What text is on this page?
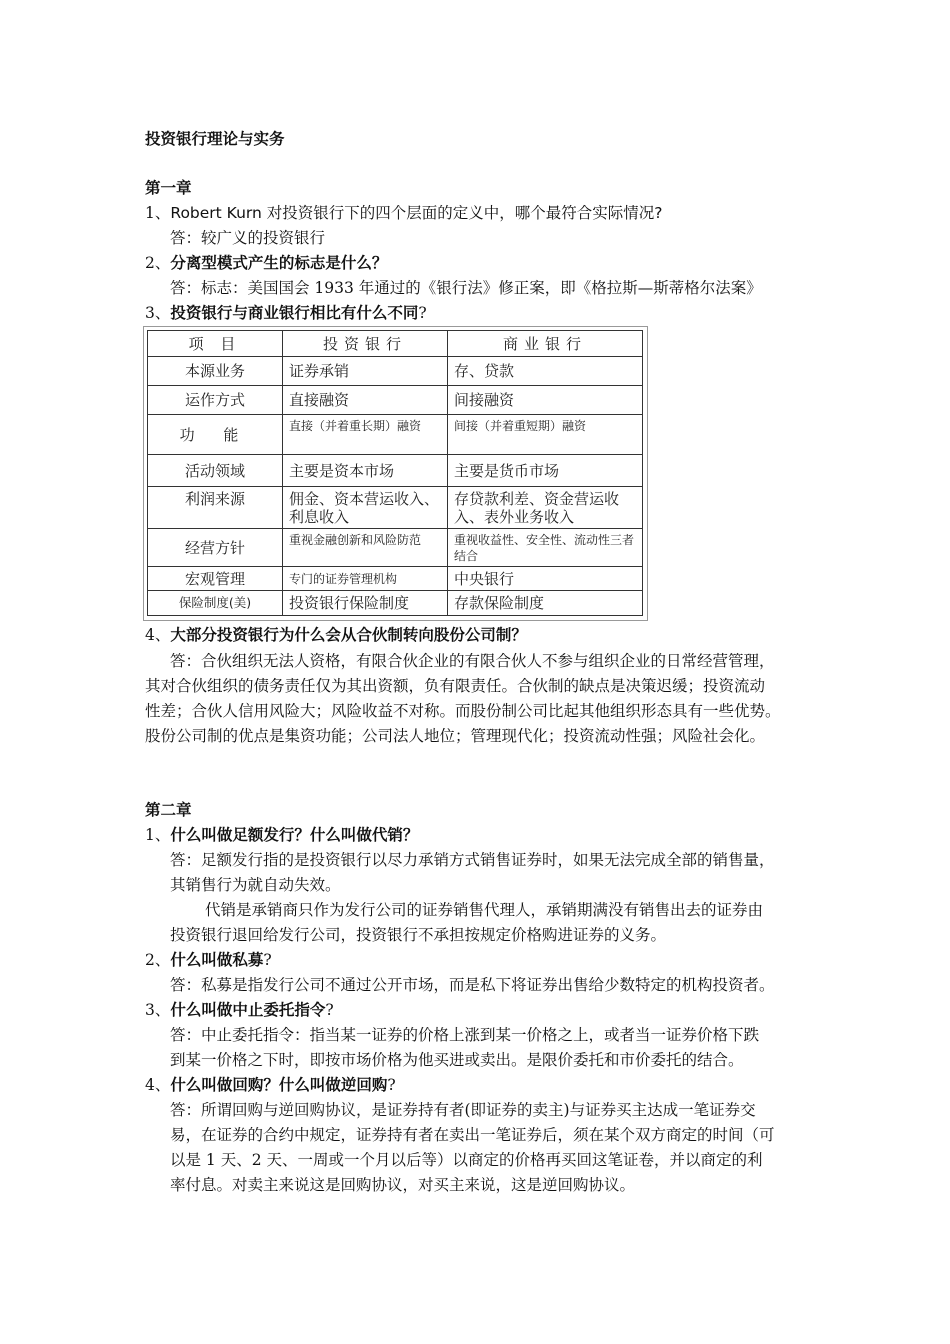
投资银行理论与实务
第一章
1、Robert Kurn 对投资银行下的四个层面的定义中，哪个最符合实际情况?
答：较广义的投资银行
2、分离型模式产生的标志是什么？
答：标志：美国国会 1933 年通过的《银行法》修正案，即《格拉斯—斯蒂格尔法案》
3、投资银行与商业银行相比有什么不同?
项 目	投资银行	商业银行
本源业务	证券承销	存、贷款
运作方式	直接融资	间接融资
功 能	直接（并着重长期）融资	间接（并着重短期）融资
活动领域	主要是资本市场	主要是货币市场
利润来源	佣金、资本营运收入、利息收入	存贷款利差、资金营运收入、表外业务收入
经营方针	重视金融创新和风险防范	重视收益性、安全性、流动性三者结合
宏观管理	专门的证券管理机构	中央银行
保险制度(美)	投资银行保险制度	存款保险制度
4、大部分投资银行为什么会从合伙制转向股份公司制？
答：合伙组织无法人资格，有限合伙企业的有限合伙人不参与组织企业的日常经营管理，
其对合伙组织的债务责任仅为其出资额，负有限责任。合伙制的缺点是决策迟缓；投资流动
性差；合伙人信用风险大；风险收益不对称。而股份制公司比起其他组织形态具有一些优势。
股份公司制的优点是集资功能；公司法人地位；管理现代化；投资流动性强；风险社会化。
第二章
1、什么叫做足额发行？什么叫做代销？
答：足额发行指的是投资银行以尽力承销方式销售证券时，如果无法完成全部的销售量，
其销售行为就自动失效。
代销是承销商只作为发行公司的证券销售代理人，承销期满没有销售出去的证券由
投资银行退回给发行公司，投资银行不承担按规定价格购进证券的义务。
2、什么叫做私募?
答：私募是指发行公司不通过公开市场，而是私下将证券出售给少数特定的机构投资者。
3、什么叫做中止委托指令?
答：中止委托指令：指当某一证券的价格上涨到某一价格之上，或者当一证券价格下跌
到某一价格之下时，即按市场价格为他买进或卖出。是限价委托和市价委托的结合。
4、什么叫做回购？什么叫做逆回购?
答：所谓回购与逆回购协议，是证券持有者(即证券的卖主)与证券买主达成一笔证券交
易，在证券的合约中规定，证券持有者在卖出一笔证券后，须在某个双方商定的时间（可
以是 1 天、2 天、一周或一个月以后等）以商定的价格再买回这笔证卷，并以商定的利
率付息。对卖主来说这是回购协议，对买主来说，这是逆回购协议。
